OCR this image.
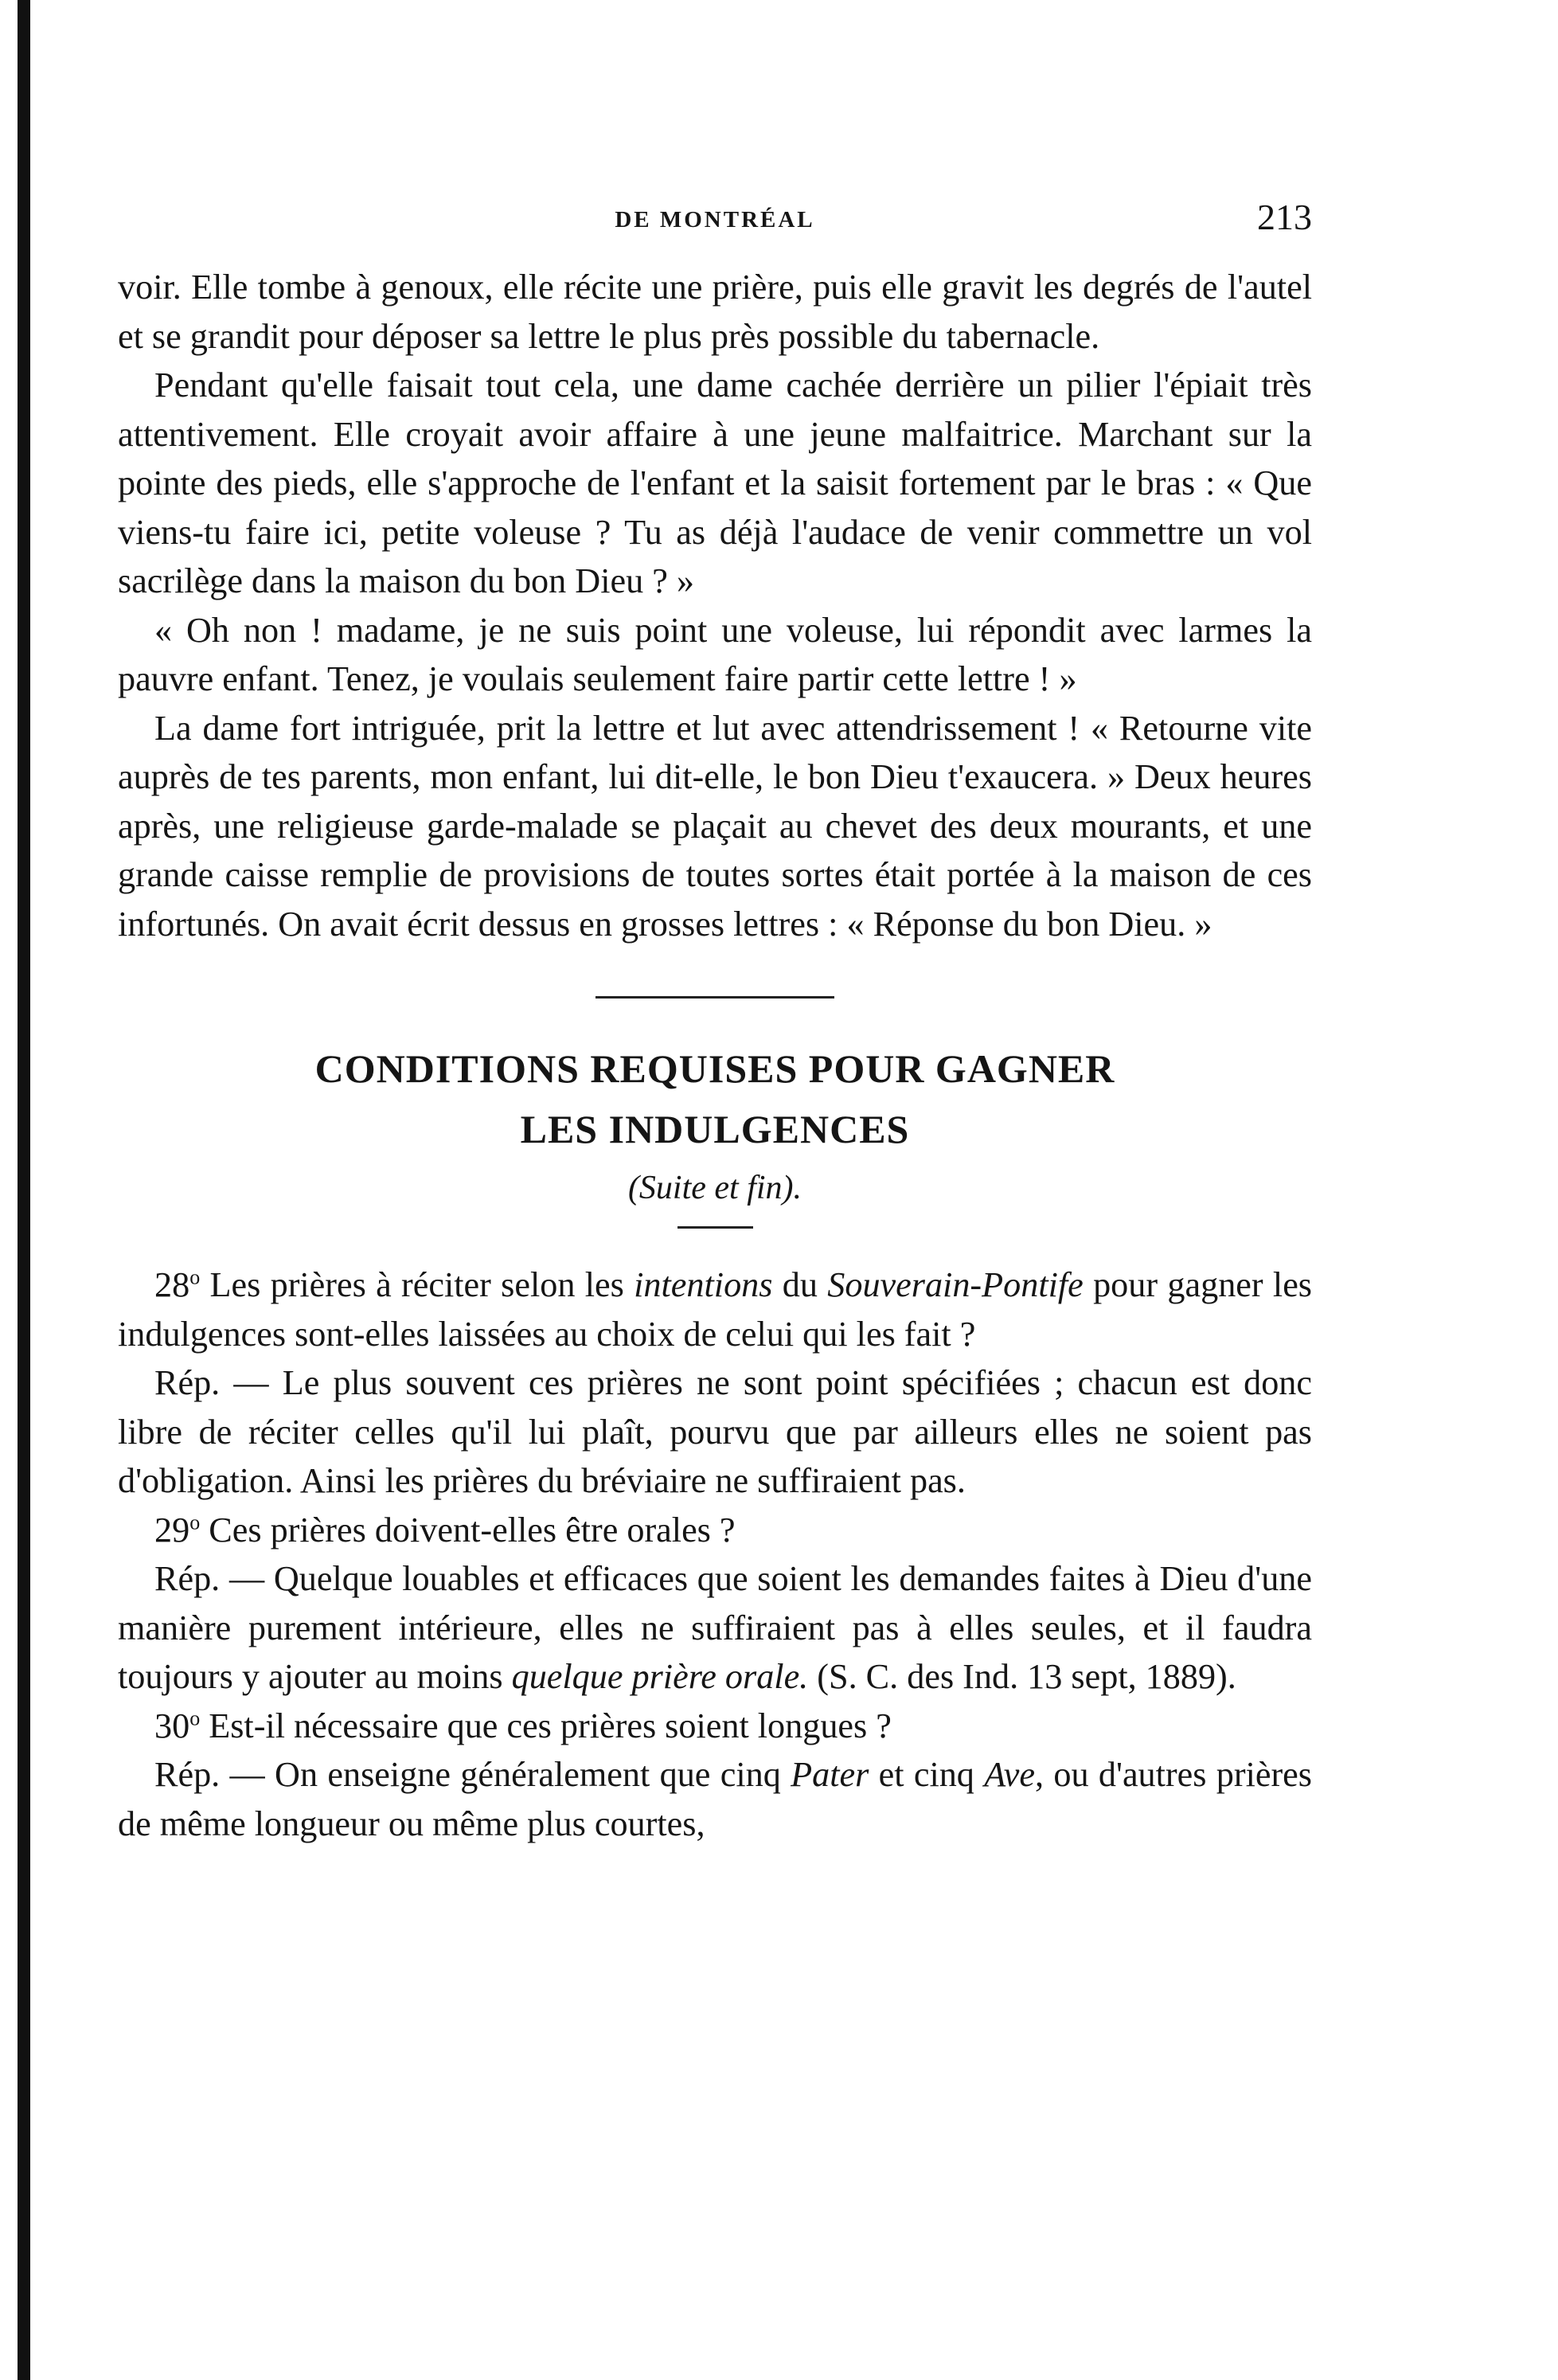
DE MONTRÉAL	213

voir. Elle tombe à genoux, elle récite une prière, puis elle gravit les degrés de l'autel et se grandit pour déposer sa lettre le plus près possible du tabernacle.

Pendant qu'elle faisait tout cela, une dame cachée derrière un pilier l'épiait très attentivement. Elle croyait avoir affaire à une jeune malfaitrice. Marchant sur la pointe des pieds, elle s'approche de l'enfant et la saisit fortement par le bras : « Que viens-tu faire ici, petite voleuse ? Tu as déjà l'audace de venir commettre un vol sacrilège dans la maison du bon Dieu ? »

« Oh non ! madame, je ne suis point une voleuse, lui répondit avec larmes la pauvre enfant. Tenez, je voulais seulement faire partir cette lettre ! »

La dame fort intriguée, prit la lettre et lut avec attendrissement ! « Retourne vite auprès de tes parents, mon enfant, lui dit-elle, le bon Dieu t'exaucera. » Deux heures après, une religieuse garde-malade se plaçait au chevet des deux mourants, et une grande caisse remplie de provisions de toutes sortes était portée à la maison de ces infortunés. On avait écrit dessus en grosses lettres : « Réponse du bon Dieu. »

CONDITIONS REQUISES POUR GAGNER
LES INDULGENCES
(Suite et fin).

28$^o$ Les prières à réciter selon les intentions du Souverain-Pontife pour gagner les indulgences sont-elles laissées au choix de celui qui les fait ?

Rép. — Le plus souvent ces prières ne sont point spécifiées ; chacun est donc libre de réciter celles qu'il lui plaît, pourvu que par ailleurs elles ne soient pas d'obligation. Ainsi les prières du bréviaire ne suffiraient pas.

29$^o$ Ces prières doivent-elles être orales ?

Rép. — Quelque louables et efficaces que soient les demandes faites à Dieu d'une manière purement intérieure, elles ne suffiraient pas à elles seules, et il faudra toujours y ajouter au moins quelque prière orale. (S. C. des Ind. 13 sept, 1889).

30$^o$ Est-il nécessaire que ces prières soient longues ?

Rép. — On enseigne généralement que cinq Pater et cinq Ave, ou d'autres prières de même longueur ou même plus courtes,
